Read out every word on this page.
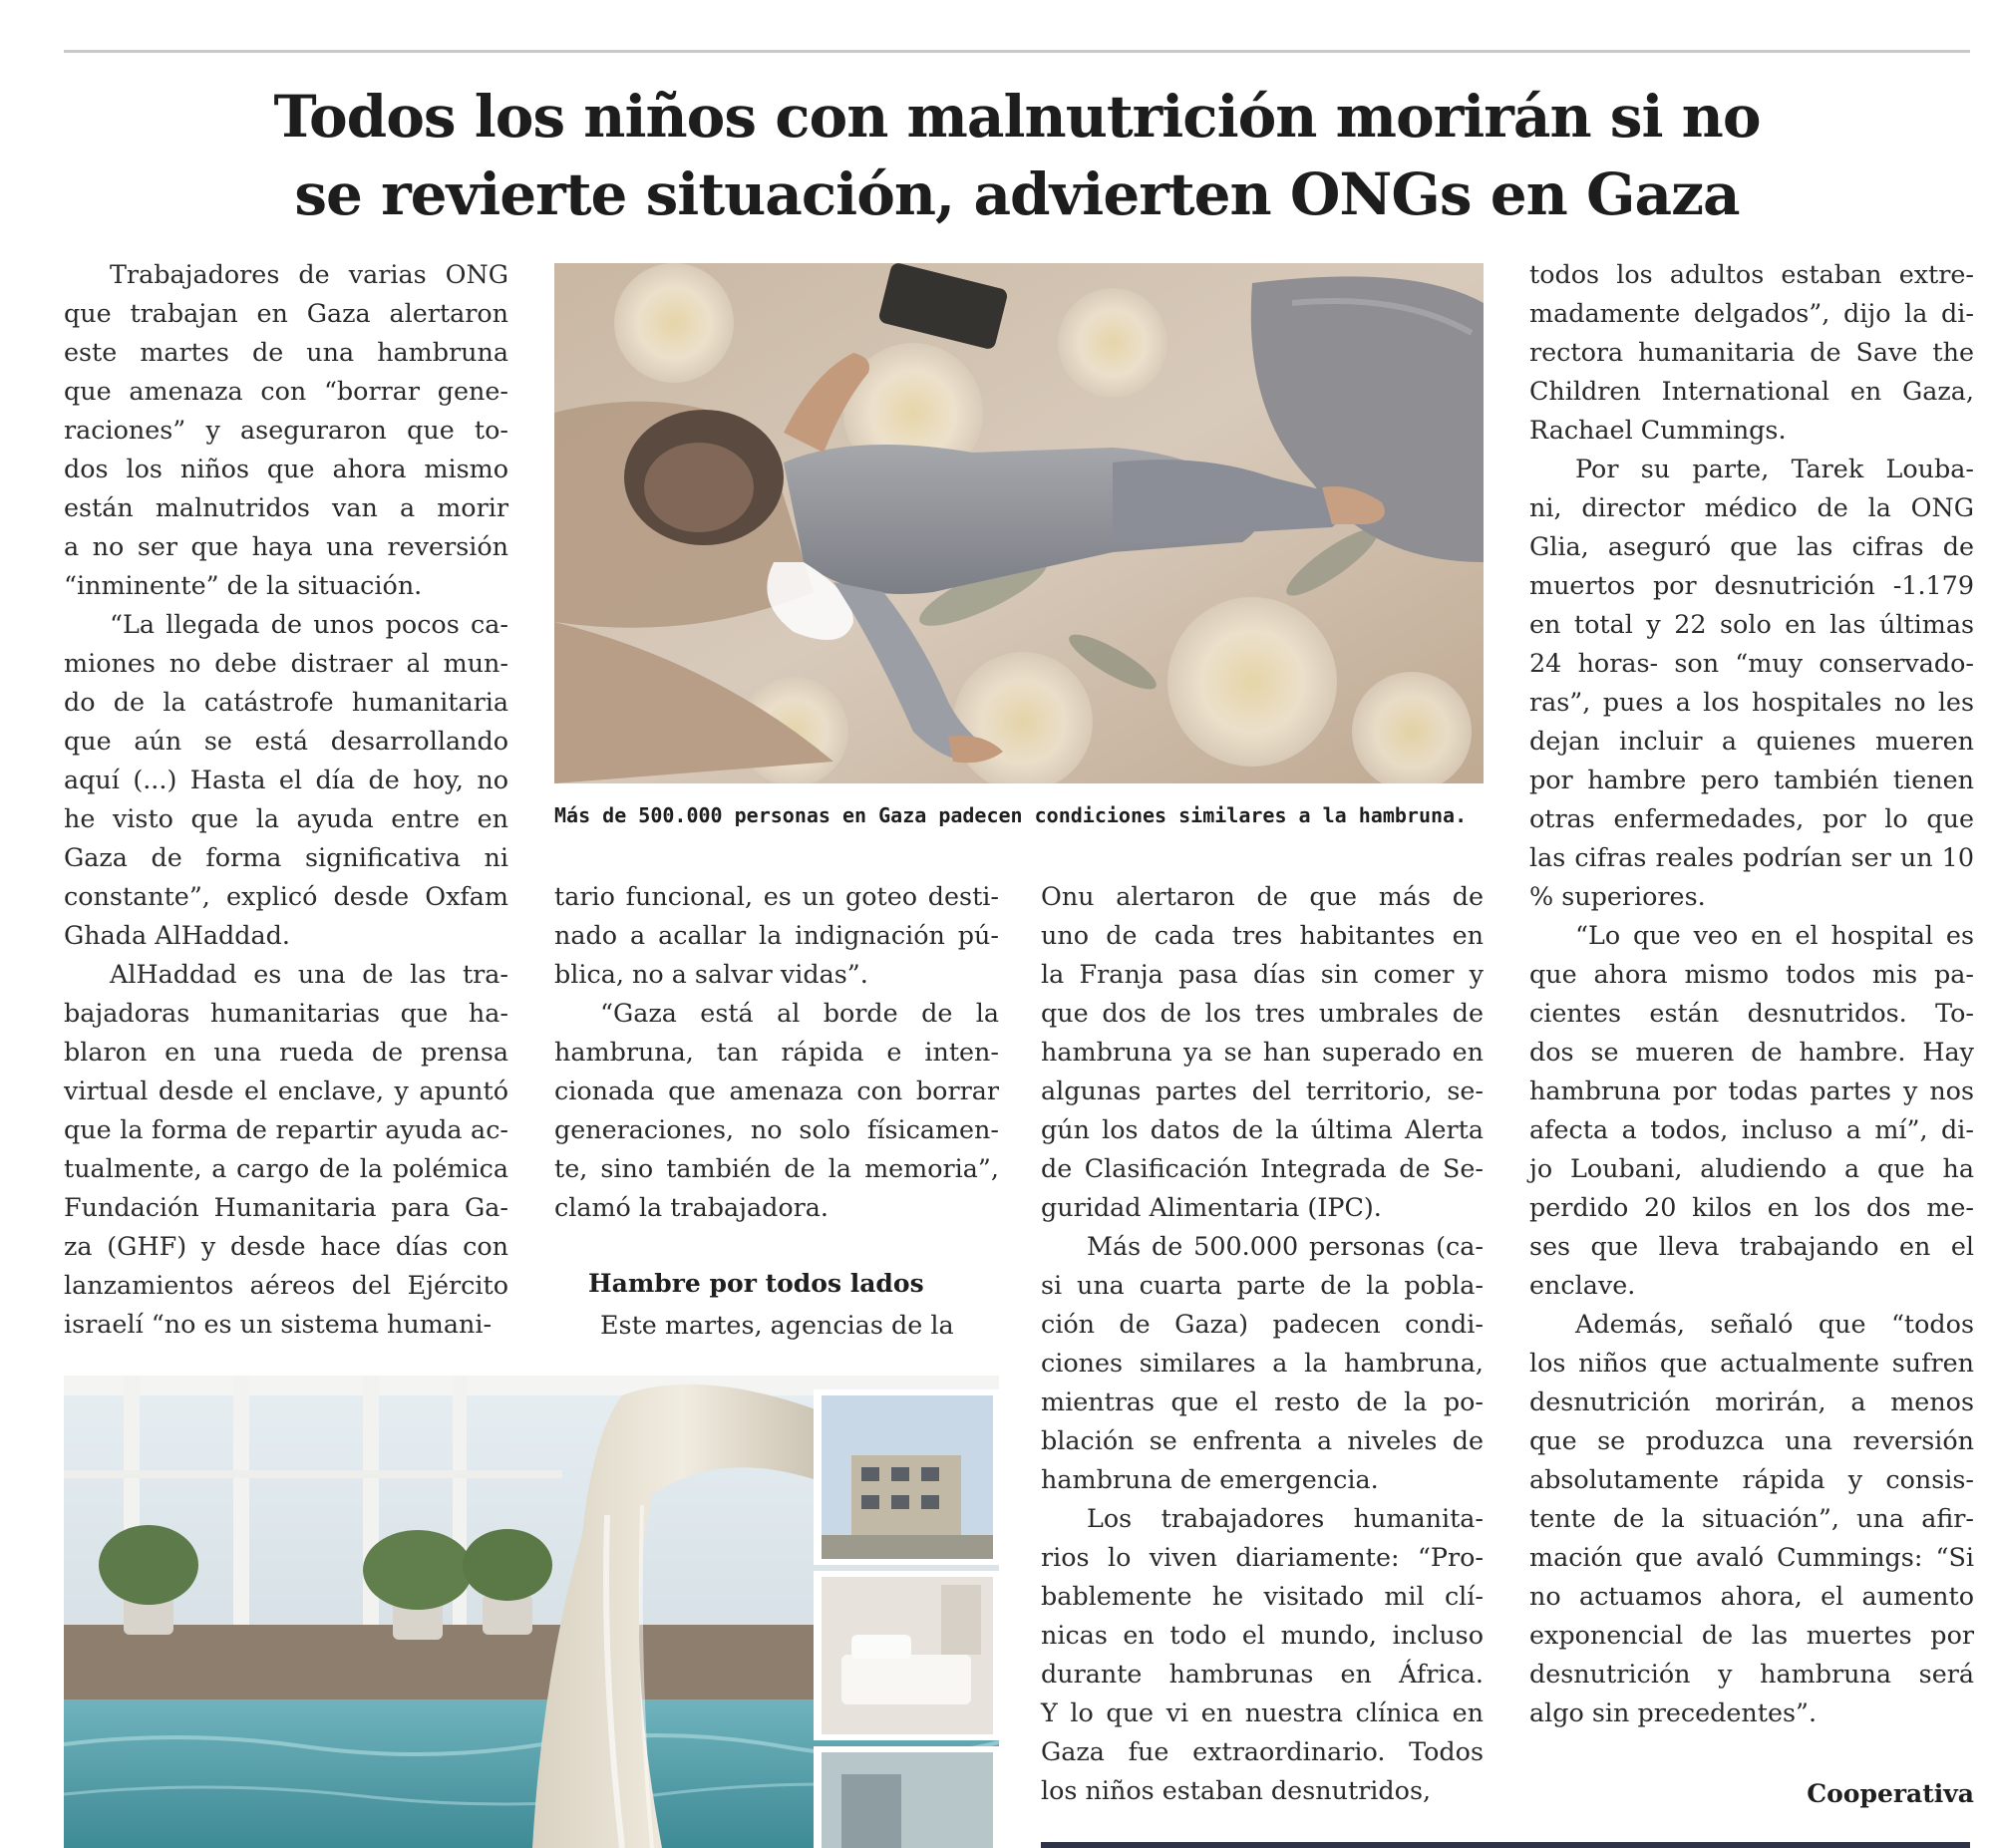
Todos los niños con malnutrición morirán si no
se revierte situación, advierten ONGs en Gaza
Trabajadores de varias ONG
que trabajan en Gaza alertaron
este martes de una hambruna
que amenaza con “borrar gene-
raciones” y aseguraron que to-
dos los niños que ahora mismo
están malnutridos van a morir
a no ser que haya una reversión
“inminente” de la situación.
“La llegada de unos pocos ca-
miones no debe distraer al mun-
do de la catástrofe humanitaria
que aún se está desarrollando
aquí (...) Hasta el día de hoy, no
he visto que la ayuda entre en
Gaza de forma significativa ni
constante”, explicó desde Oxfam
Ghada AlHaddad.
AlHaddad es una de las tra-
bajadoras humanitarias que ha-
blaron en una rueda de prensa
virtual desde el enclave, y apuntó
que la forma de repartir ayuda ac-
tualmente, a cargo de la polémica
Fundación Humanitaria para Ga-
za (GHF) y desde hace días con
lanzamientos aéreos del Ejército
israelí “no es un sistema humani-
Más de 500.000 personas en Gaza padecen condiciones similares a la hambruna.
tario funcional, es un goteo desti-
nado a acallar la indignación pú-
blica, no a salvar vidas”.
“Gaza está al borde de la
hambruna, tan rápida e inten-
cionada que amenaza con borrar
generaciones, no solo físicamen-
te, sino también de la memoria”,
clamó la trabajadora.
Hambre por todos lados
Este martes, agencias de la
Onu alertaron de que más de
uno de cada tres habitantes en
la Franja pasa días sin comer y
que dos de los tres umbrales de
hambruna ya se han superado en
algunas partes del territorio, se-
gún los datos de la última Alerta
de Clasificación Integrada de Se-
guridad Alimentaria (IPC).
Más de 500.000 personas (ca-
si una cuarta parte de la pobla-
ción de Gaza) padecen condi-
ciones similares a la hambruna,
mientras que el resto de la po-
blación se enfrenta a niveles de
hambruna de emergencia.
Los trabajadores humanita-
rios lo viven diariamente: “Pro-
bablemente he visitado mil clí-
nicas en todo el mundo, incluso
durante hambrunas en África.
Y lo que vi en nuestra clínica en
Gaza fue extraordinario. Todos
los niños estaban desnutridos,
todos los adultos estaban extre-
madamente delgados”, dijo la di-
rectora humanitaria de Save the
Children International en Gaza,
Rachael Cummings.
Por su parte, Tarek Louba-
ni, director médico de la ONG
Glia, aseguró que las cifras de
muertos por desnutrición -1.179
en total y 22 solo en las últimas
24 horas- son “muy conservado-
ras”, pues a los hospitales no les
dejan incluir a quienes mueren
por hambre pero también tienen
otras enfermedades, por lo que
las cifras reales podrían ser un 10
% superiores.
“Lo que veo en el hospital es
que ahora mismo todos mis pa-
cientes están desnutridos. To-
dos se mueren de hambre. Hay
hambruna por todas partes y nos
afecta a todos, incluso a mí”, di-
jo Loubani, aludiendo a que ha
perdido 20 kilos en los dos me-
ses que lleva trabajando en el
enclave.
Además, señaló que “todos
los niños que actualmente sufren
desnutrición morirán, a menos
que se produzca una reversión
absolutamente rápida y consis-
tente de la situación”, una afir-
mación que avaló Cummings: “Si
no actuamos ahora, el aumento
exponencial de las muertes por
desnutrición y hambruna será
algo sin precedentes”.
Cooperativa
